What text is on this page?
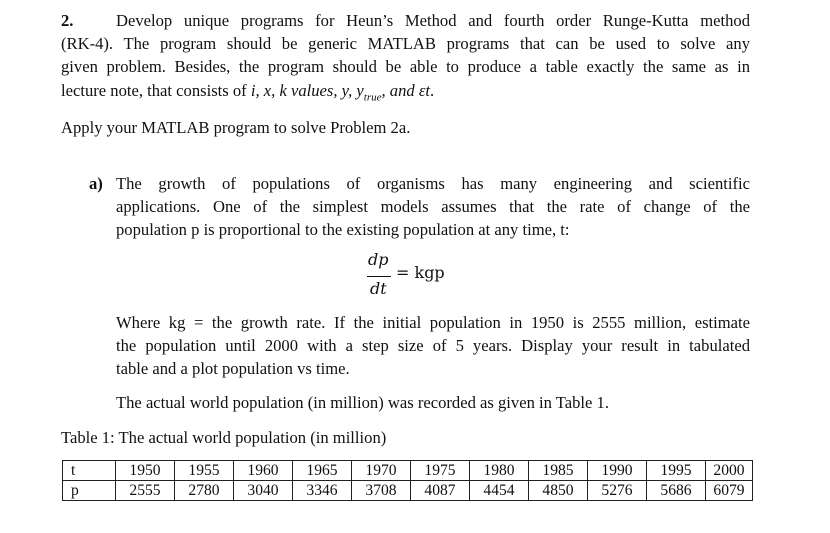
2.	Develop unique programs for Heun’s Method and fourth order Runge-Kutta method
(RK-4). The program should be generic MATLAB programs that can be used to solve any
given problem. Besides, the program should be able to produce a table exactly the same as in
lecture note, that consists of i, x, k values, y, $y_{true}$, and εt.
Apply your MATLAB program to solve Problem 2a.
a) The growth of populations of organisms has many engineering and scientific
applications. One of the simplest models assumes that the rate of change of the
population p is proportional to the existing population at any time, t:
dp
dt
= kgp
Where kg = the growth rate. If the initial population in 1950 is 2555 million, estimate
the population until 2000 with a step size of 5 years. Display your result in tabulated
table and a plot population vs time.
The actual world population (in million) was recorded as given in Table 1.
Table 1: The actual world population (in million)
t	1950	1955	1960	1965	1970	1975	1980	1985	1990	1995	2000
p	2555	2780	3040	3346	3708	4087	4454	4850	5276	5686	6079
